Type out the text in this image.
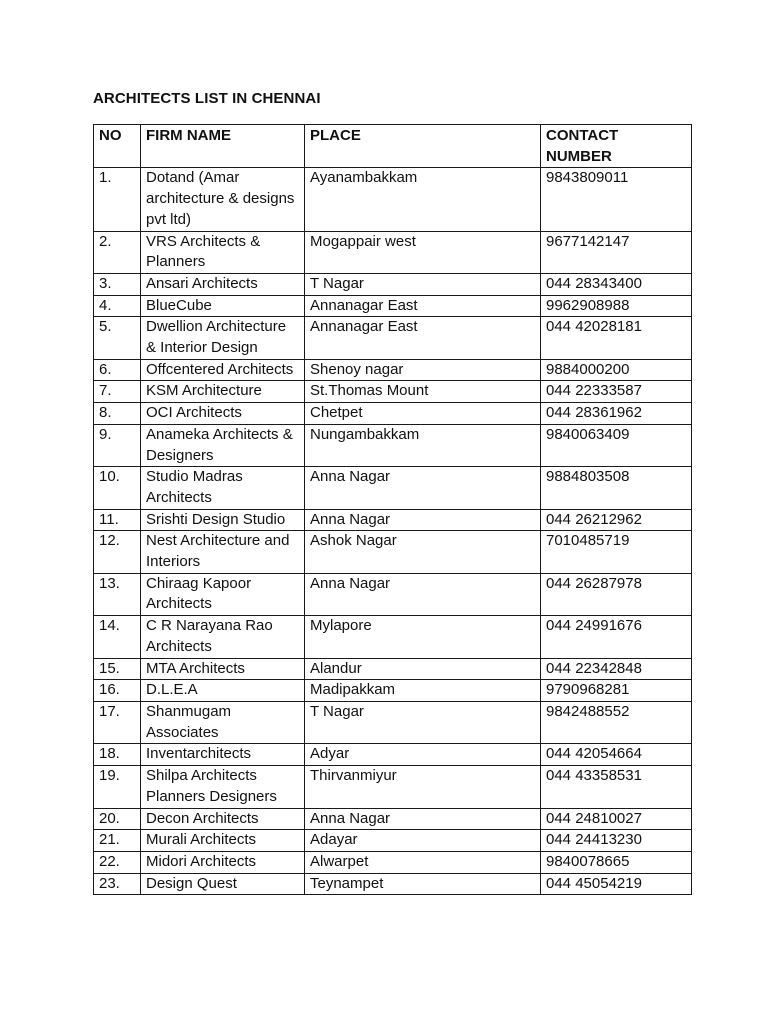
ARCHITECTS LIST IN CHENNAI
NO	FIRM NAME	PLACE	CONTACT NUMBER
1.	Dotand (Amar architecture & designs pvt ltd)	Ayanambakkam	9843809011
2.	VRS Architects & Planners	Mogappair west	9677142147
3.	Ansari Architects	T Nagar	044 28343400
4.	BlueCube	Annanagar East	9962908988
5.	Dwellion Architecture & Interior Design	Annanagar East	044 42028181
6.	Offcentered Architects	Shenoy nagar	9884000200
7.	KSM Architecture	St.Thomas Mount	044 22333587
8.	OCI Architects	Chetpet	044 28361962
9.	Anameka Architects & Designers	Nungambakkam	9840063409
10.	Studio Madras Architects	Anna Nagar	9884803508
11.	Srishti Design Studio	Anna Nagar	044 26212962
12.	Nest Architecture and Interiors	Ashok Nagar	7010485719
13.	Chiraag Kapoor Architects	Anna Nagar	044 26287978
14.	C R Narayana Rao Architects	Mylapore	044 24991676
15.	MTA Architects	Alandur	044 22342848
16.	D.L.E.A	Madipakkam	9790968281
17.	Shanmugam Associates	T Nagar	9842488552
18.	Inventarchitects	Adyar	044 42054664
19.	Shilpa Architects Planners Designers	Thirvanmiyur	044 43358531
20.	Decon Architects	Anna Nagar	044 24810027
21.	Murali Architects	Adayar	044 24413230
22.	Midori Architects	Alwarpet	9840078665
23.	Design Quest	Teynampet	044 45054219
